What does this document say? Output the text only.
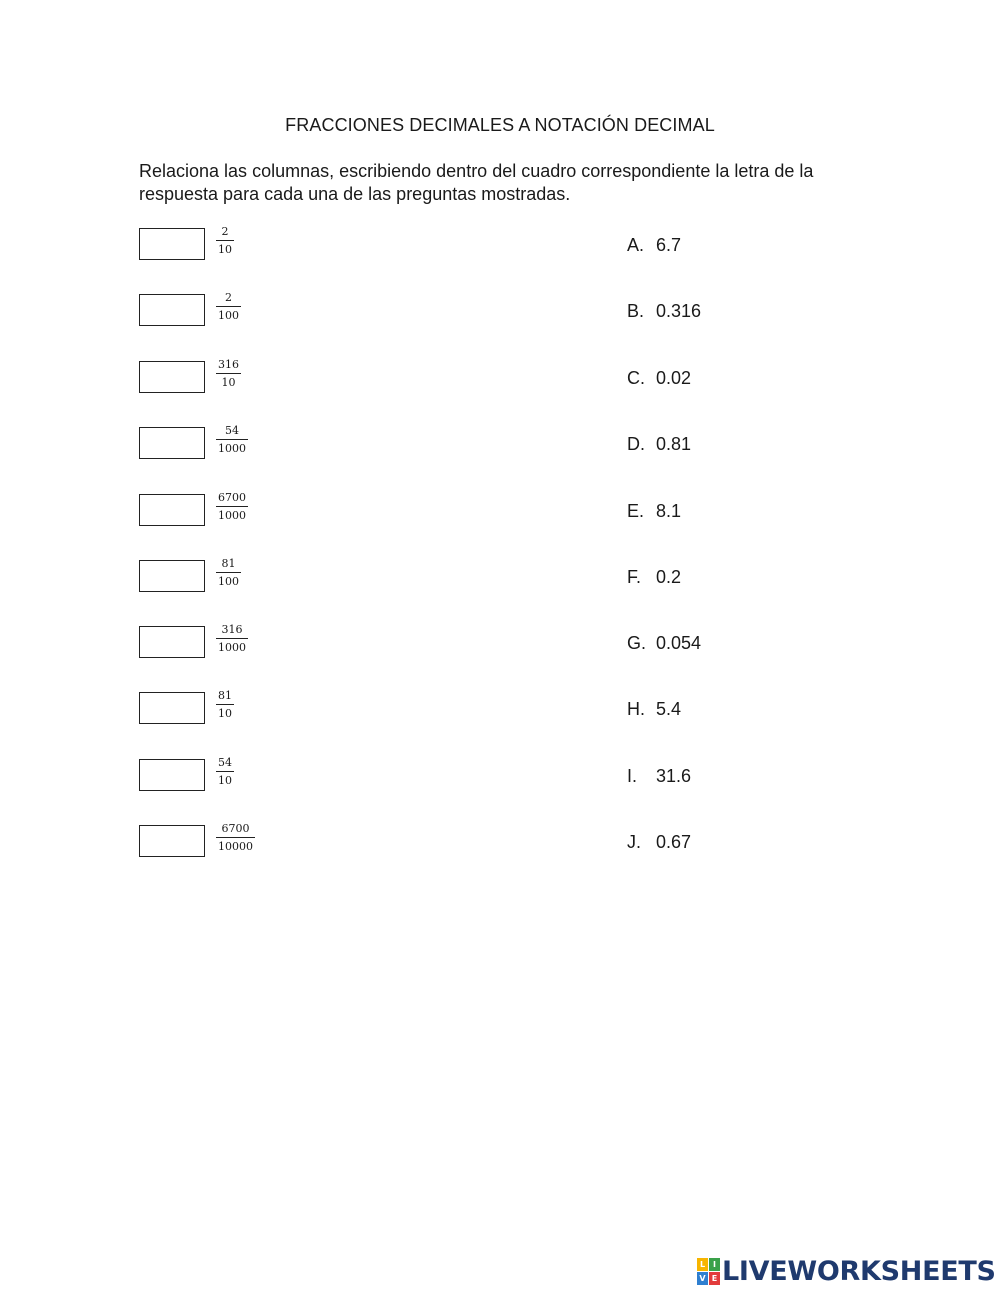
FRACCIONES DECIMALES A NOTACIÓN DECIMAL
Relaciona las columnas, escribiendo dentro del cuadro correspondiente la letra de la respuesta para cada una de las preguntas mostradas.
2
10	A. 6.7
2
100	B. 0.316
316
10	C. 0.02
54
1000	D. 0.81
6700
1000	E. 8.1
81
100	F. 0.2
316
1000	G. 0.054
81
10	H. 5.4
54
10	I. 31.6
6700
10000	J. 0.67
L I
V E LIVEWORKSHEETS
